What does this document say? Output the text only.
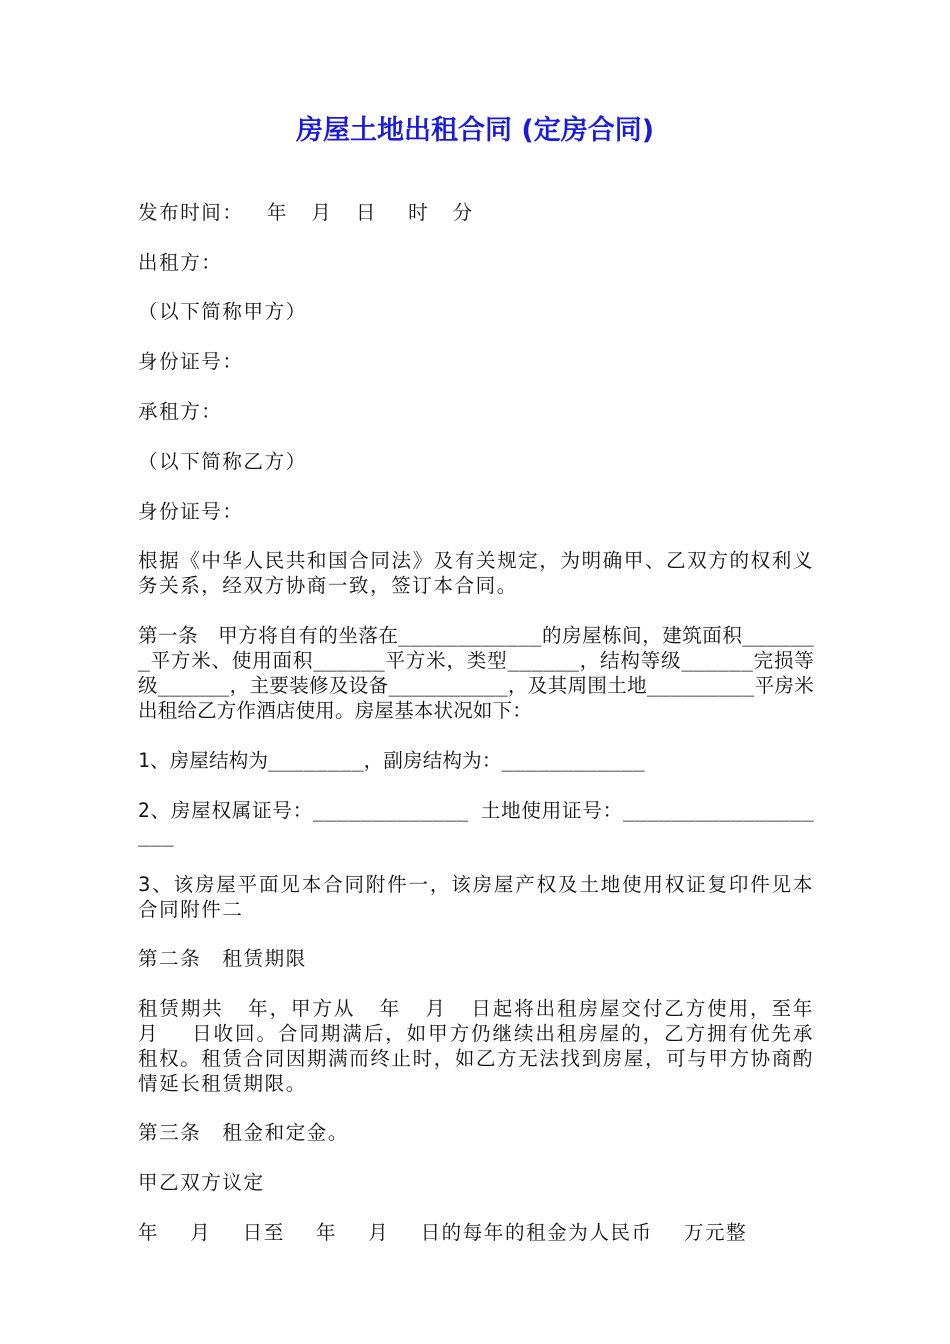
房屋土地出租合同 (定房合同)
发布时间：   年   月   日    时   分
出租方：
（以下简称甲方）
身份证号：
承租方：
（以下简称乙方）
身份证号：
根据《中华人民共和国合同法》及有关规定，为明确甲、乙双方的权利义务关系，经双方协商一致，签订本合同。
第一条　甲方将自有的坐落在____________的房屋栋间，建筑面积_______平方米、使用面积______平方米，类型______，结构等级______完损等级______，主要装修及设备__________，及其周围土地_________平房米出租给乙方作酒店使用。房屋基本状况如下：
1、房屋结构为________，副房结构为：____________
2、房屋权属证号：_____________ 土地使用证号：___________________
3、该房屋平面见本合同附件一，该房屋产权及土地使用权证复印件见本合同附件二
第二条　租赁期限
租赁期共   年，甲方从   年   月   日起将出租房屋交付乙方使用，至年    月    日收回。合同期满后，如甲方仍继续出租房屋的，乙方拥有优先承租权。租赁合同因期满而终止时，如乙方无法找到房屋，可与甲方协商酌情延长租赁期限。
第三条　租金和定金。
甲乙双方议定
年    月    日至    年    月    日的每年的租金为人民币    万元整
